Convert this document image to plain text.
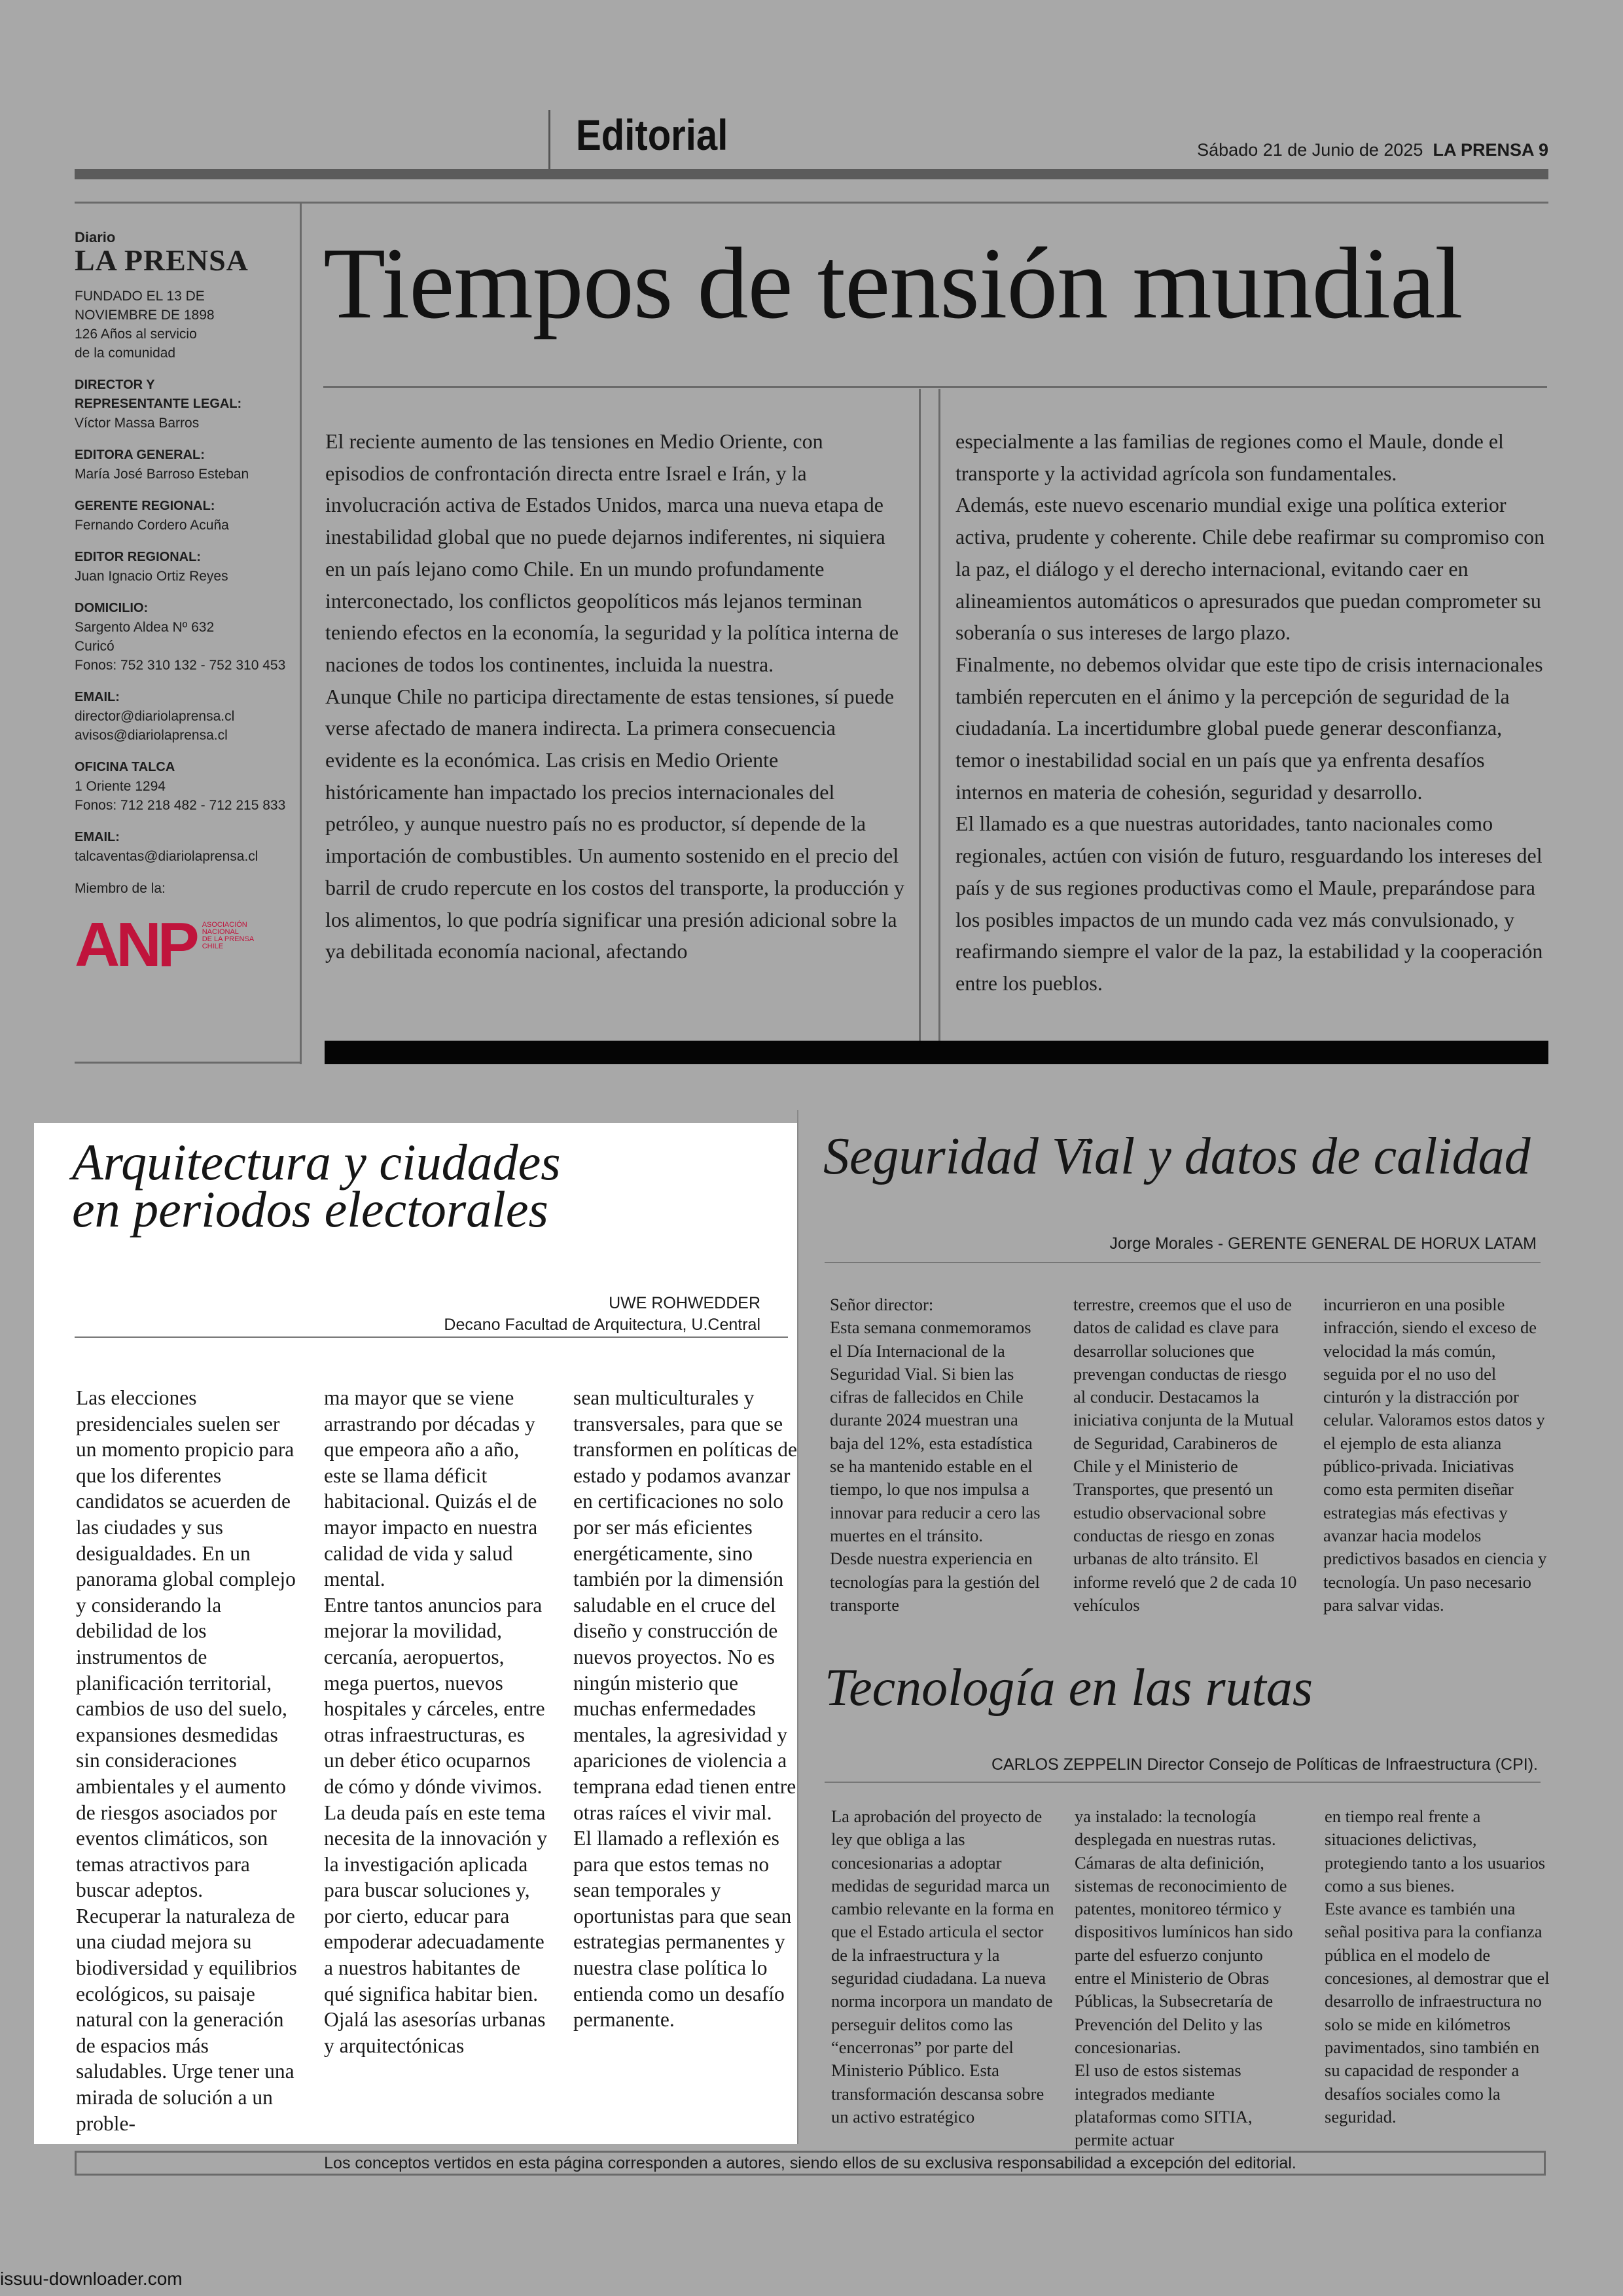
Editorial	Sábado 21 de Junio de 2025 LA PRENSA 9
Diario
LA PRENSA
FUNDADO EL 13 DE
NOVIEMBRE DE 1898
126 Años al servicio
de la comunidad
DIRECTOR Y
REPRESENTANTE LEGAL:
Víctor Massa Barros
EDITORA GENERAL:
María José Barroso Esteban
GERENTE REGIONAL:
Fernando Cordero Acuña
EDITOR REGIONAL:
Juan Ignacio Ortiz Reyes
DOMICILIO:
Sargento Aldea Nº 632
Curicó
Fonos: 752 310 132 - 752 310 453
EMAIL:
director@diariolaprensa.cl
avisos@diariolaprensa.cl
OFICINA TALCA
1 Oriente 1294
Fonos: 712 218 482 - 712 215 833
EMAIL:
talcaventas@diariolaprensa.cl
Miembro de la:
ANP ASOCIACIÓN
NACIONAL
DE LA PRENSA
CHILE
Tiempos de tensión mundial

El reciente aumento de las tensiones en Medio Oriente, con episodios de confrontación directa entre Israel e Irán, y la involucración activa de Estados Unidos, marca una nueva etapa de inestabilidad global que no puede dejarnos indiferentes, ni siquiera en un país lejano como Chile. En un mundo profundamente interconectado, los conflictos geopolíticos más lejanos terminan teniendo efectos en la economía, la seguridad y la política interna de naciones de todos los continentes, incluida la nuestra.

Aunque Chile no participa directamente de estas tensiones, sí puede verse afectado de manera indirecta. La primera consecuencia evidente es la económica. Las crisis en Medio Oriente históricamente han impactado los precios internacionales del petróleo, y aunque nuestro país no es productor, sí depende de la importación de combustibles. Un aumento sostenido en el precio del barril de crudo repercute en los costos del transporte, la producción y los alimentos, lo que podría significar una presión adicional sobre la ya debilitada economía nacional, afectando

especialmente a las familias de regiones como el Maule, donde el transporte y la actividad agrícola son fundamentales.

Además, este nuevo escenario mundial exige una política exterior activa, prudente y coherente. Chile debe reafirmar su compromiso con la paz, el diálogo y el derecho internacional, evitando caer en alineamientos automáticos o apresurados que puedan comprometer su soberanía o sus intereses de largo plazo.

Finalmente, no debemos olvidar que este tipo de crisis internacionales también repercuten en el ánimo y la percepción de seguridad de la ciudadanía. La incertidumbre global puede generar desconfianza, temor o inestabilidad social en un país que ya enfrenta desafíos internos en materia de cohesión, seguridad y desarrollo.

El llamado es a que nuestras autoridades, tanto nacionales como regionales, actúen con visión de futuro, resguardando los intereses del país y de sus regiones productivas como el Maule, preparándose para los posibles impactos de un mundo cada vez más convulsionado, y reafirmando siempre el valor de la paz, la estabilidad y la cooperación entre los pueblos.

Arquitectura y ciudades
en periodos electorales
UWE ROHWEDDER
Decano Facultad de Arquitectura, U.Central

Las elecciones presidenciales suelen ser un momento propicio para que los diferentes candidatos se acuerden de las ciudades y sus desigualdades. En un panorama global complejo y considerando la debilidad de los instrumentos de planificación territorial, cambios de uso del suelo, expansiones desmedidas sin consideraciones ambientales y el aumento de riesgos asociados por eventos climáticos, son temas atractivos para buscar adeptos.

Recuperar la naturaleza de una ciudad mejora su biodiversidad y equilibrios ecológicos, su paisaje natural con la generación de espacios más saludables. Urge tener una mirada de solución a un proble-

ma mayor que se viene arrastrando por décadas y que empeora año a año, este se llama déficit habitacional. Quizás el de mayor impacto en nuestra calidad de vida y salud mental.

Entre tantos anuncios para mejorar la movilidad, cercanía, aeropuertos, mega puertos, nuevos hospitales y cárceles, entre otras infraestructuras, es un deber ético ocuparnos de cómo y dónde vivimos. La deuda país en este tema necesita de la innovación y la investigación aplicada para buscar soluciones y, por cierto, educar para empoderar adecuadamente a nuestros habitantes de qué significa habitar bien.

Ojalá las asesorías urbanas y arquitectónicas

sean multiculturales y transversales, para que se transformen en políticas de estado y podamos avanzar en certificaciones no solo por ser más eficientes energéticamente, sino también por la dimensión saludable en el cruce del diseño y construcción de nuevos proyectos. No es ningún misterio que muchas enfermedades mentales, la agresividad y apariciones de violencia a temprana edad tienen entre otras raíces el vivir mal.

El llamado a reflexión es para que estos temas no sean temporales y oportunistas para que sean estrategias permanentes y nuestra clase política lo entienda como un desafío permanente.

Seguridad Vial y datos de calidad
Jorge Morales - GERENTE GENERAL DE HORUX LATAM

Señor director:

Esta semana conmemoramos el Día Internacional de la Seguridad Vial. Si bien las cifras de fallecidos en Chile durante 2024 muestran una baja del 12%, esta estadística se ha mantenido estable en el tiempo, lo que nos impulsa a innovar para reducir a cero las muertes en el tránsito.

Desde nuestra experiencia en tecnologías para la gestión del transporte

terrestre, creemos que el uso de datos de calidad es clave para desarrollar soluciones que prevengan conductas de riesgo al conducir. Destacamos la iniciativa conjunta de la Mutual de Seguridad, Carabineros de Chile y el Ministerio de Transportes, que presentó un estudio observacional sobre conductas de riesgo en zonas urbanas de alto tránsito. El informe reveló que 2 de cada 10 vehículos

incurrieron en una posible infracción, siendo el exceso de velocidad la más común, seguida por el no uso del cinturón y la distracción por celular. Valoramos estos datos y el ejemplo de esta alianza público-privada. Iniciativas como esta permiten diseñar estrategias más efectivas y avanzar hacia modelos predictivos basados en ciencia y tecnología. Un paso necesario para salvar vidas.

Tecnología en las rutas
CARLOS ZEPPELIN Director Consejo de Políticas de Infraestructura (CPI).

La aprobación del proyecto de ley que obliga a las concesionarias a adoptar medidas de seguridad marca un cambio relevante en la forma en que el Estado articula el sector de la infraestructura y la seguridad ciudadana. La nueva norma incorpora un mandato de perseguir delitos como las “encerronas” por parte del Ministerio Público. Esta transformación descansa sobre un activo estratégico

ya instalado: la tecnología desplegada en nuestras rutas. Cámaras de alta definición, sistemas de reconocimiento de patentes, monitoreo térmico y dispositivos lumínicos han sido parte del esfuerzo conjunto entre el Ministerio de Obras Públicas, la Subsecretaría de Prevención del Delito y las concesionarias.

El uso de estos sistemas integrados mediante plataformas como SITIA, permite actuar

en tiempo real frente a situaciones delictivas, protegiendo tanto a los usuarios como a sus bienes.

Este avance es también una señal positiva para la confianza pública en el modelo de concesiones, al demostrar que el desarrollo de infraestructura no solo se mide en kilómetros pavimentados, sino también en su capacidad de responder a desafíos sociales como la seguridad.

Los conceptos vertidos en esta página corresponden a autores, siendo ellos de su exclusiva responsabilidad a excepción del editorial.
issuu-downloader.com
